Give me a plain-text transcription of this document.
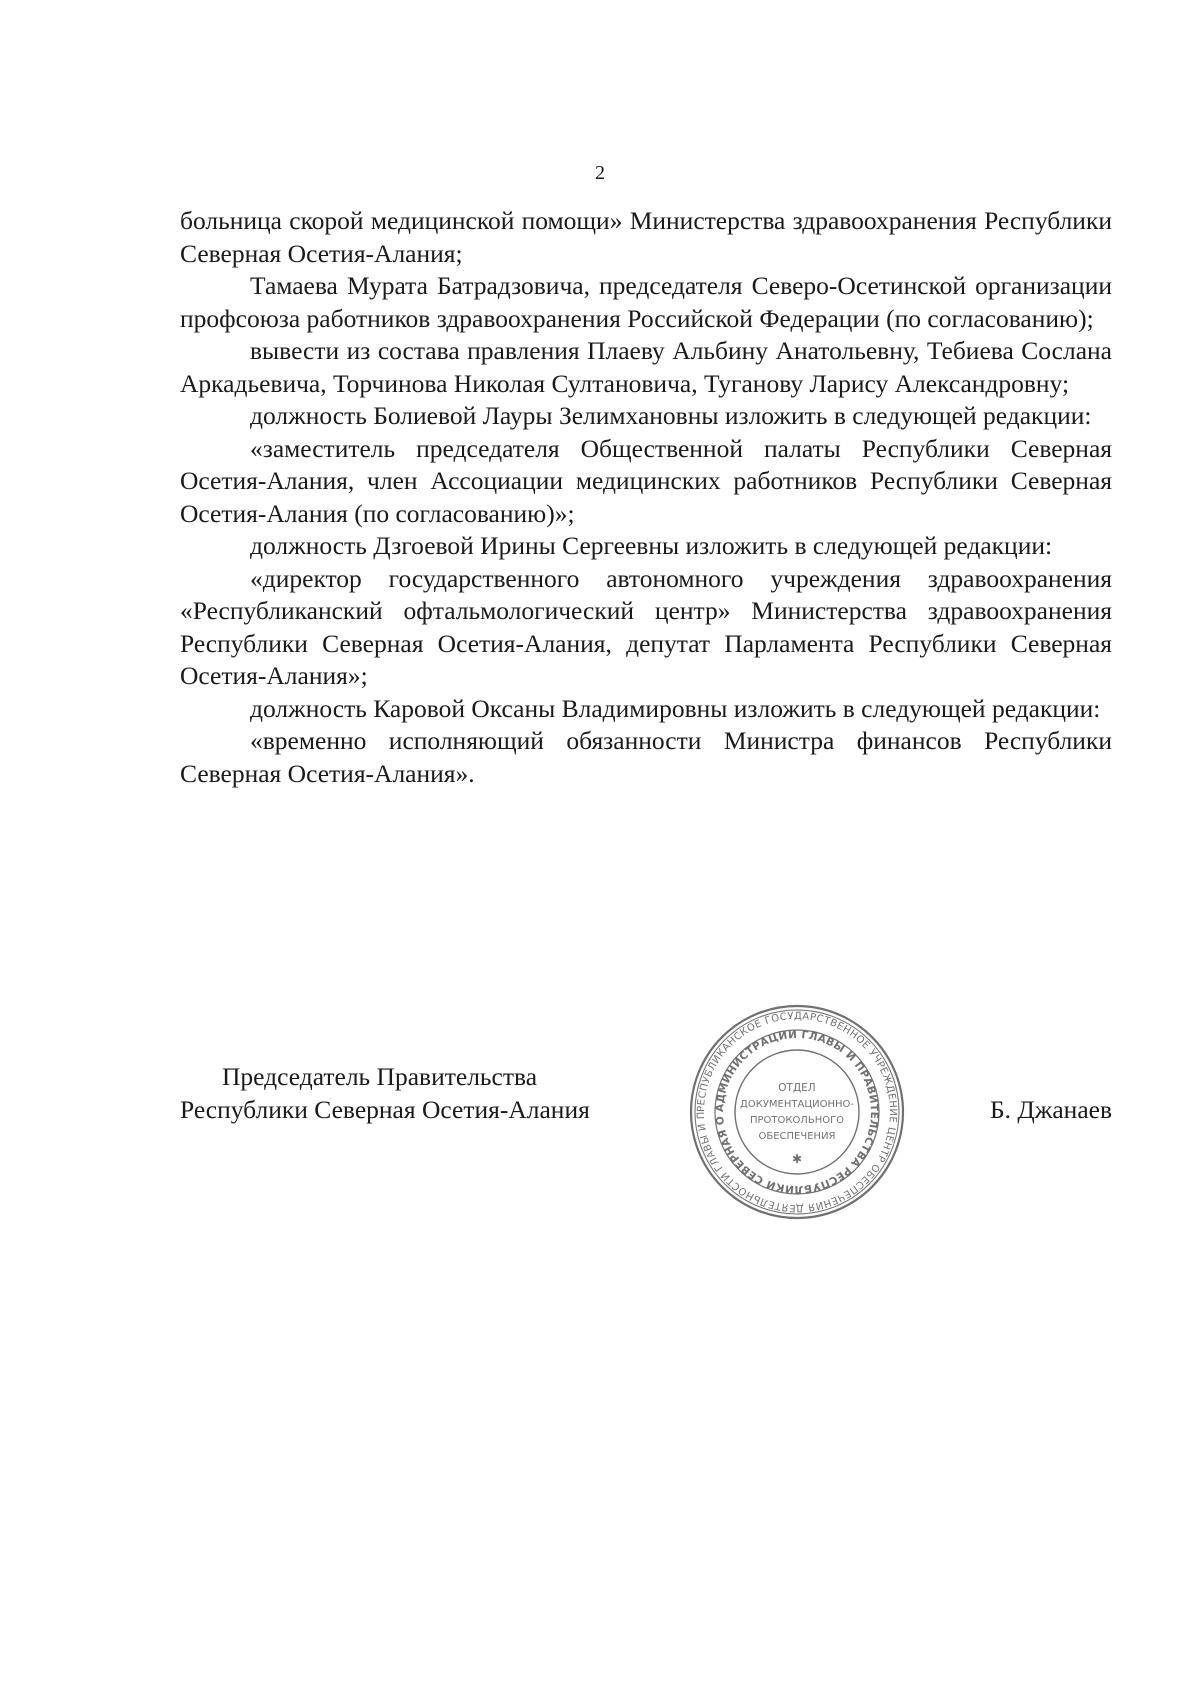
2

больница скорой медицинской помощи» Министерства здравоохранения Республики Северная Осетия-Алания;

Тамаева Мурата Батрадзовича, председателя Северо-Осетинской организации профсоюза работников здравоохранения Российской Федерации (по согласованию);

вывести из состава правления Плаеву Альбину Анатольевну, Тебиева Сослана Аркадьевича, Торчинова Николая Султановича, Туганову Ларису Александровну;

должность Болиевой Лауры Зелимхановны изложить в следующей редакции:

«заместитель председателя Общественной палаты Республики Северная Осетия-Алания, член Ассоциации медицинских работников Республики Северная Осетия-Алания (по согласованию)»;

должность Дзгоевой Ирины Сергеевны изложить в следующей редакции:

«директор государственного автономного учреждения здравоохранения «Республиканский офтальмологический центр» Министерства здравоохранения Республики Северная Осетия-Алания, депутат Парламента Республики Северная Осетия-Алания»;

должность Каровой Оксаны Владимировны изложить в следующей редакции:

«временно исполняющий обязанности Министра финансов Республики Северная Осетия-Алания».

Председатель Правительства
Республики Северная Осетия-Алания	РЕСПУБЛИКАНСКОЕ ГОСУДАРСТВЕННОЕ УЧРЕЖДЕНИЕ ЦЕНТР ОБЕСПЕЧЕНИЯ ДЕЯТЕЛЬНОСТИ ГЛАВЫ И П
АДМИНИСТРАЦИИ ГЛАВЫ И ПРАВИТЕЛЬСТВА РЕСПУБЛИКИ СЕВЕРНАЯ О
ОТДЕЛ
ДОКУМЕНТАЦИОННО-
ПРОТОКОЛЬНОГО
ОБЕСПЕЧЕНИЯ
✱
Б. Джанаев
